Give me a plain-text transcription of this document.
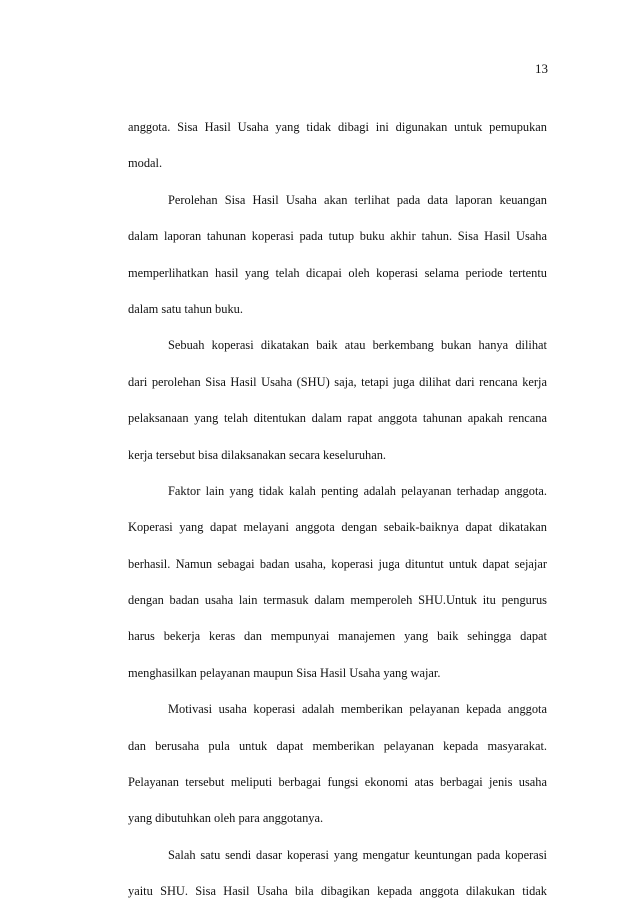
13
anggota. Sisa Hasil Usaha yang tidak dibagi ini digunakan untuk pemupukan
modal.
Perolehan Sisa Hasil Usaha akan terlihat pada data laporan keuangan
dalam laporan tahunan koperasi pada tutup buku akhir tahun. Sisa Hasil Usaha
memperlihatkan hasil yang telah dicapai oleh koperasi selama periode tertentu
dalam satu tahun buku.
Sebuah koperasi dikatakan baik atau berkembang bukan hanya dilihat
dari perolehan Sisa Hasil Usaha (SHU) saja, tetapi juga dilihat dari rencana kerja
pelaksanaan yang telah ditentukan dalam rapat anggota tahunan apakah rencana
kerja tersebut bisa dilaksanakan secara keseluruhan.
Faktor lain yang tidak kalah penting adalah pelayanan terhadap anggota.
Koperasi yang dapat melayani anggota dengan sebaik-baiknya dapat dikatakan
berhasil. Namun sebagai badan usaha, koperasi juga dituntut untuk dapat sejajar
dengan badan usaha lain termasuk dalam memperoleh SHU.Untuk itu pengurus
harus bekerja keras dan mempunyai manajemen yang baik sehingga dapat
menghasilkan pelayanan maupun Sisa Hasil Usaha yang wajar.
Motivasi usaha koperasi adalah memberikan pelayanan kepada anggota
dan berusaha pula untuk dapat memberikan pelayanan kepada masyarakat.
Pelayanan tersebut meliputi berbagai fungsi ekonomi atas berbagai jenis usaha
yang dibutuhkan oleh para anggotanya.
Salah satu sendi dasar koperasi yang mengatur keuntungan pada koperasi
yaitu SHU. Sisa Hasil Usaha bila dibagikan kepada anggota dilakukan tidak
